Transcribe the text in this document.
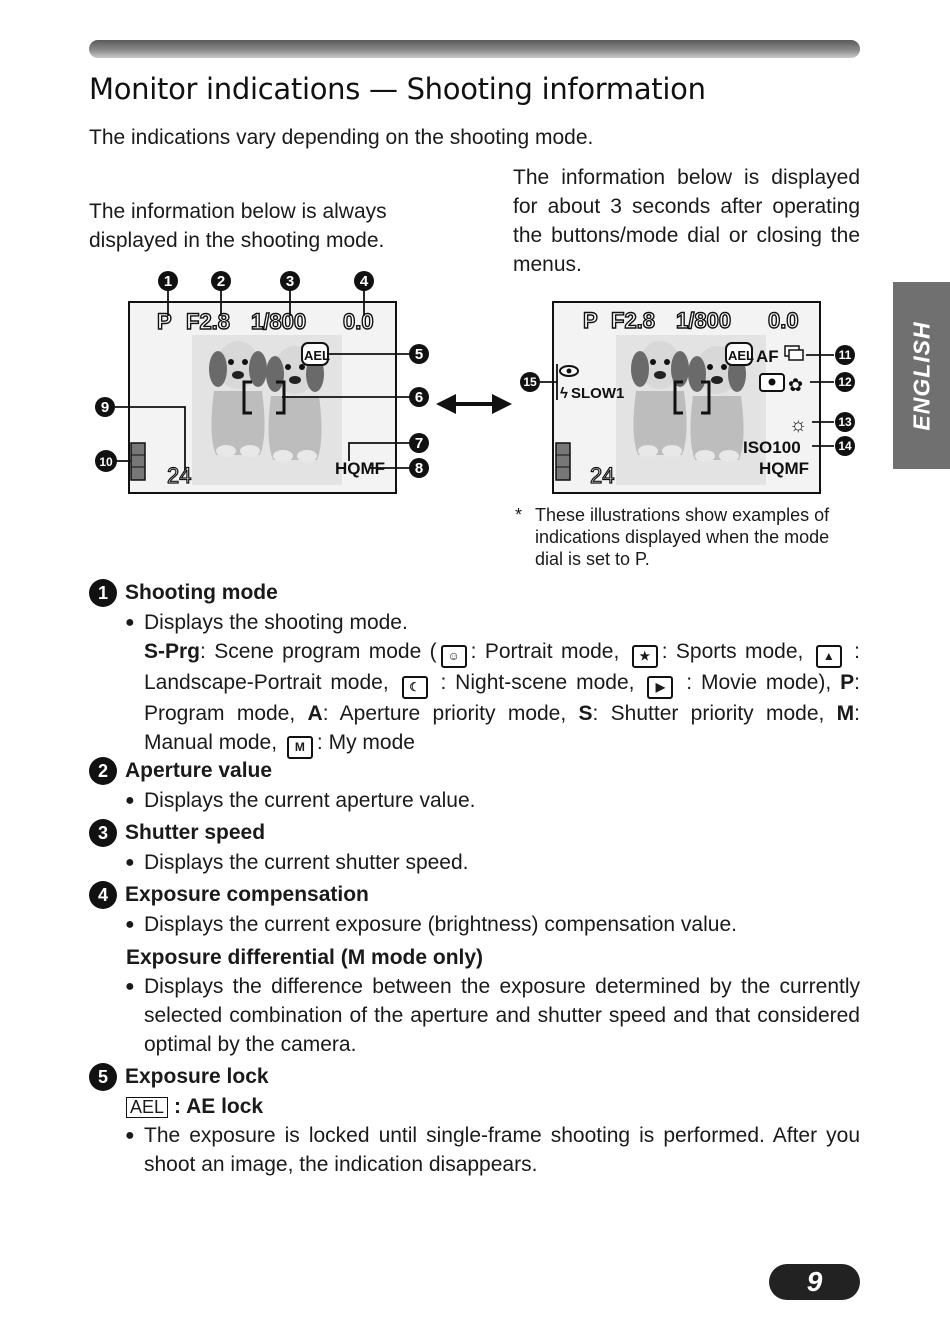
Monitor indications — Shooting information
The indications vary depending on the shooting mode.
The information below is always displayed in the shooting mode.
The information below is displayed for about 3 seconds after operating the buttons/mode dial or closing the menus.
ENGLISH
P F2.8 1/800 0.0
AEL
HQMF
24
1	2	3	4
5
6
7
8
9
10
P F2.8 1/800 0.0
AEL AF
✿
☼
ISO100
HQMF
24
ϟ SLOW1
11
12
13
14
15
* These illustrations show examples of indications displayed when the mode dial is set to P.
1 Shooting mode
● Displays the shooting mode.
S-Prg: Scene program mode ( ☺ : Portrait mode, ★ : Sports mode, ▲ : Landscape-Portrait mode, ☾ : Night-scene mode, ▶ : Movie mode), P: Program mode, A: Aperture priority mode, S: Shutter priority mode, M: Manual mode, M : My mode
2 Aperture value
● Displays the current aperture value.
3 Shutter speed
● Displays the current shutter speed.
4 Exposure compensation
● Displays the current exposure (brightness) compensation value.
Exposure differential (M mode only)
● Displays the difference between the exposure determined by the currently selected combination of the aperture and shutter speed and that considered optimal by the camera.
5 Exposure lock
AEL : AE lock
● The exposure is locked until single-frame shooting is performed. After you shoot an image, the indication disappears.
9
